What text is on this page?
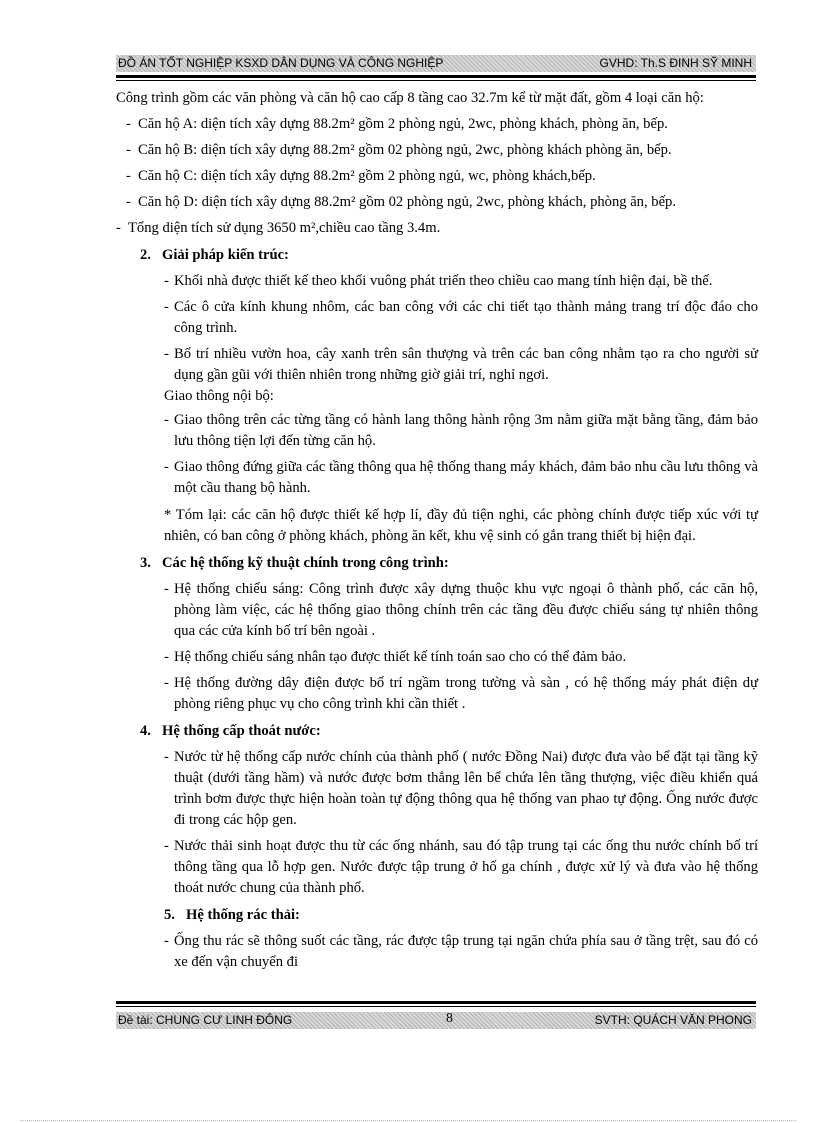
ĐỒ ÁN TỐT NGHIỆP KSXD DÂN DỤNG VÀ CÔNG NGHIỆP	GVHD: Th.S ĐINH SỸ MINH

Công trình gồm các văn phòng và căn hộ cao cấp 8 tầng cao 32.7m kể từ mặt đất, gồm 4 loại căn hộ:

- Căn hộ A: diện tích xây dựng 88.2m² gồm 2 phòng ngủ, 2wc, phòng khách, phòng ăn, bếp.
- Căn hộ B: diện tích xây dựng 88.2m² gồm 02 phòng ngủ, 2wc, phòng khách phòng ăn, bếp.
- Căn hộ C: diện tích xây dựng 88.2m² gồm 2 phòng ngủ, wc, phòng khách,bếp.
- Căn hộ D: diện tích xây dựng 88.2m² gồm 02 phòng ngủ, 2wc, phòng khách, phòng ăn, bếp.
- Tổng diện tích sử dụng 3650 m²,chiều cao tầng 3.4m.
2. Giải pháp kiến trúc:
- Khối nhà được thiết kế theo khối vuông phát triển theo chiều cao mang tính hiện đại, bề thế.
- Các ô cửa kính khung nhôm, các ban công với các chi tiết tạo thành mảng trang trí độc đáo cho công trình.
- Bố trí nhiều vườn hoa, cây xanh trên sân thượng và trên các ban công nhằm tạo ra cho người sử dụng gần gũi với thiên nhiên trong những giờ giải trí, nghỉ ngơi.

Giao thông nội bộ:

- Giao thông trên các từng tầng có hành lang thông hành rộng 3m nằm giữa mặt bằng tầng, đảm bảo lưu thông tiện lợi đến từng căn hộ.
- Giao thông đứng giữa các tầng thông qua hệ thống thang máy khách, đảm bảo nhu cầu lưu thông và một cầu thang bộ hành.

* Tóm lại: các căn hộ được thiết kế hợp lí, đầy đủ tiện nghi, các phòng chính được tiếp xúc với tự nhiên, có ban công ở phòng khách, phòng ăn kết, khu vệ sinh có gắn trang thiết bị hiện đại.

3. Các hệ thống kỹ thuật chính trong công trình:
- Hệ thống chiếu sáng: Công trình được xây dựng thuộc khu vực ngoại ô thành phố, các căn hộ, phòng làm việc, các hệ thống giao thông chính trên các tầng đều được chiếu sáng tự nhiên thông qua các cửa kính bố trí bên ngoài .
- Hệ thống chiếu sáng nhân tạo được thiết kế tính toán sao cho có thể đảm bảo.
- Hệ thống đường dây điện được bố trí ngầm trong tường và sàn , có hệ thống máy phát điện dự phòng riêng phục vụ cho công trình khi cần thiết .
4. Hệ thống cấp thoát nước:
- Nước từ hệ thống cấp nước chính của thành phố ( nước Đồng Nai) được đưa vào bể đặt tại tầng kỹ thuật (dưới tầng hầm) và nước được bơm thẳng lên bể chứa lên tầng thượng, việc điều khiển quá trình bơm được thực hiện hoàn toàn tự động thông qua hệ thống van phao tự động. Ống nước được đi trong các hộp gen.
- Nước thải sinh hoạt được thu từ các ống nhánh, sau đó tập trung tại các ống thu nước chính bố trí thông tầng qua lỗ hợp gen. Nước được tập trung ở hố ga chính , được xử lý và đưa vào hệ thống thoát nước chung của thành phố.
5. Hệ thống rác thải:
- Ống thu rác sẽ thông suốt các tầng, rác được tập trung tại ngăn chứa phía sau ở tầng trệt, sau đó có xe đến vận chuyển đi
Đề tài: CHUNG CƯ LINH ĐÔNG	8	SVTH: QUÁCH VĂN PHONG
